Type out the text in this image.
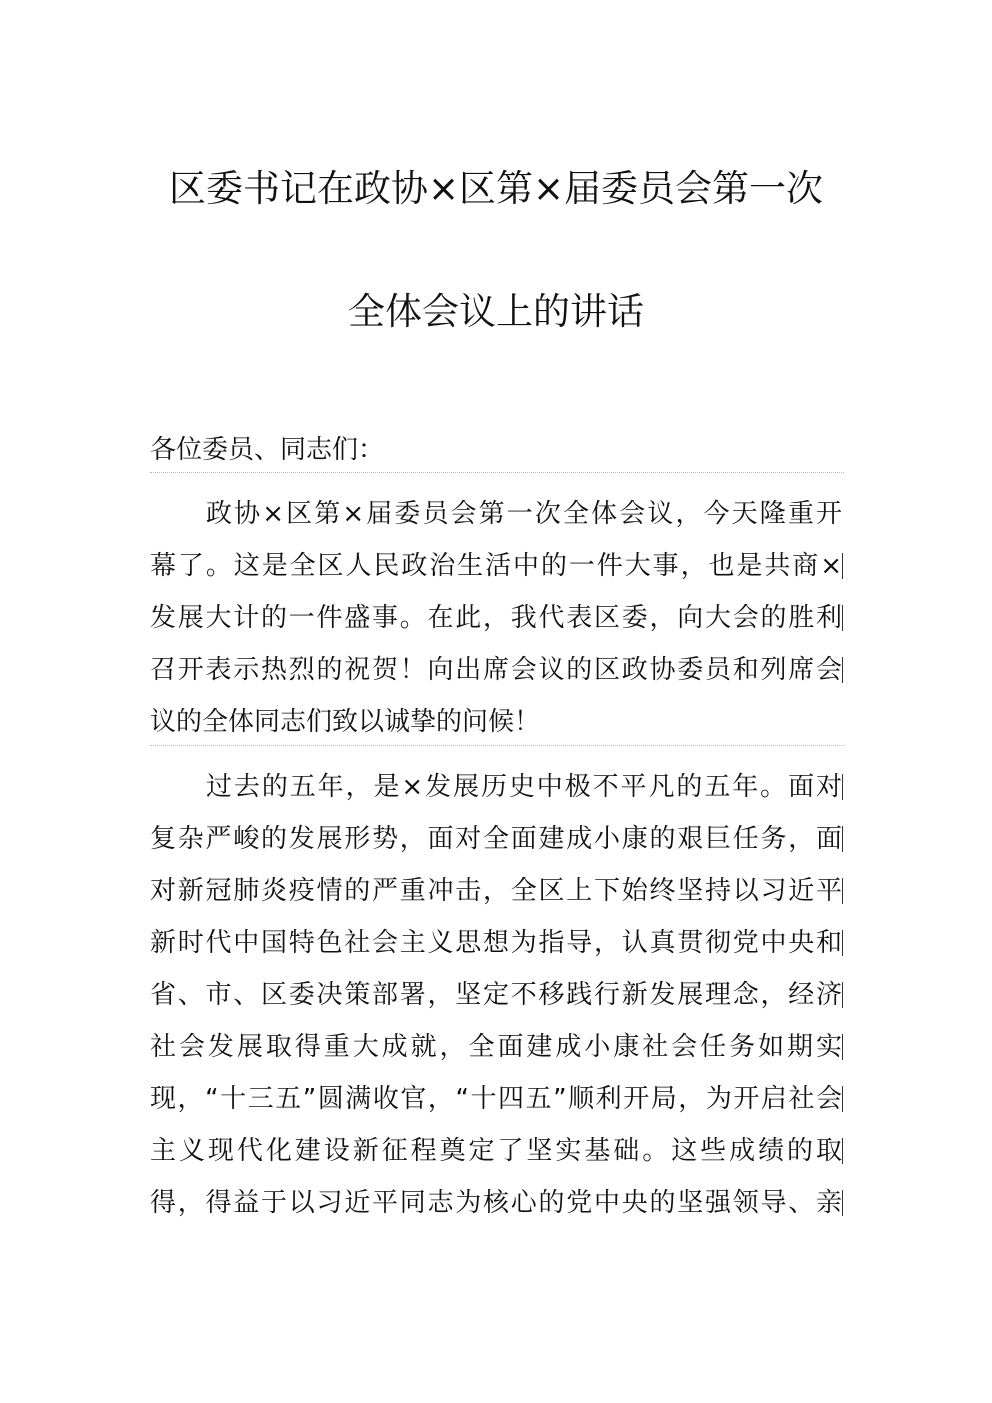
区委书记在政协×区第×届委员会第一次
全体会议上的讲话
各位委员、同志们：
政协×区第×届委员会第一次全体会议，今天隆重开
幕了。这是全区人民政治生活中的一件大事，也是共商×
发展大计的一件盛事。在此，我代表区委，向大会的胜利
召开表示热烈的祝贺！向出席会议的区政协委员和列席会
议的全体同志们致以诚挚的问候！
过去的五年，是×发展历史中极不平凡的五年。面对
复杂严峻的发展形势，面对全面建成小康的艰巨任务，面
对新冠肺炎疫情的严重冲击，全区上下始终坚持以习近平
新时代中国特色社会主义思想为指导，认真贯彻党中央和
省、市、区委决策部署，坚定不移践行新发展理念，经济
社会发展取得重大成就，全面建成小康社会任务如期实
现，“十三五”圆满收官，“十四五”顺利开局，为开启社会
主义现代化建设新征程奠定了坚实基础。这些成绩的取
得，得益于以习近平同志为核心的党中央的坚强领导、亲
